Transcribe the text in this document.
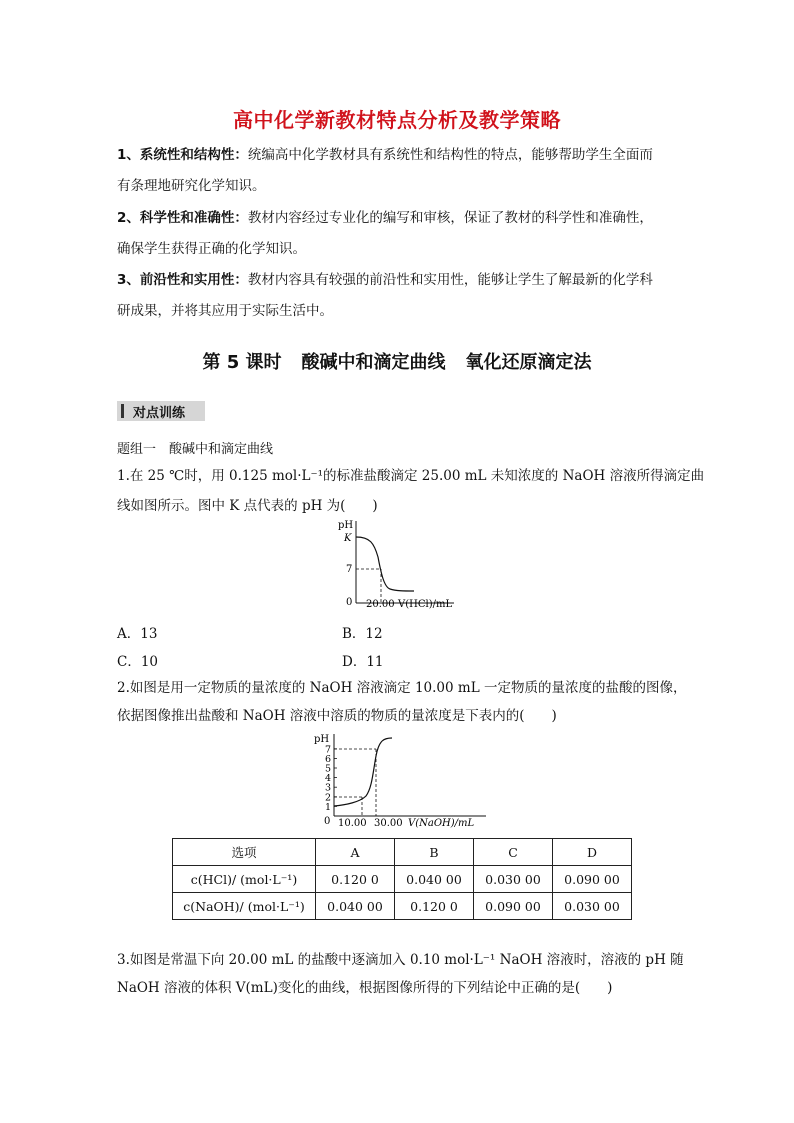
高中化学新教材特点分析及教学策略
1、系统性和结构性：统编高中化学教材具有系统性和结构性的特点，能够帮助学生全面而
有条理地研究化学知识。
2、科学性和准确性：教材内容经过专业化的编写和审核，保证了教材的科学性和准确性，
确保学生获得正确的化学知识。
3、前沿性和实用性：教材内容具有较强的前沿性和实用性，能够让学生了解最新的化学科
研成果，并将其应用于实际生活中。
第 5 课时 酸碱中和滴定曲线 氧化还原滴定法
对点训练
题组一　酸碱中和滴定曲线
1.在 25 ℃时，用 0.125 mol·L⁻¹的标准盐酸滴定 25.00 mL 未知浓度的 NaOH 溶液所得滴定曲
线如图所示。图中 K 点代表的 pH 为(　　)
pH
K
7
0 20.00 V(HCl)/mL
A．13	B．12
C．10	D．11
2.如图是用一定物质的量浓度的 NaOH 溶液滴定 10.00 mL 一定物质的量浓度的盐酸的图像，
依据图像推出盐酸和 NaOH 溶液中溶质的物质的量浓度是下表内的(　　)
pH
7
6
5
4
3
2
1
0 10.00 30.00 V(NaOH)/mL
选项	A	B	C	D
c(HCl)/ (mol·L⁻¹)	0.120 0	0.040 00	0.030 00	0.090 00
c(NaOH)/ (mol·L⁻¹)	0.040 00	0.120 0	0.090 00	0.030 00
3.如图是常温下向 20.00 mL 的盐酸中逐滴加入 0.10 mol·L⁻¹ NaOH 溶液时，溶液的 pH 随
NaOH 溶液的体积 V(mL)变化的曲线，根据图像所得的下列结论中正确的是(　　)
